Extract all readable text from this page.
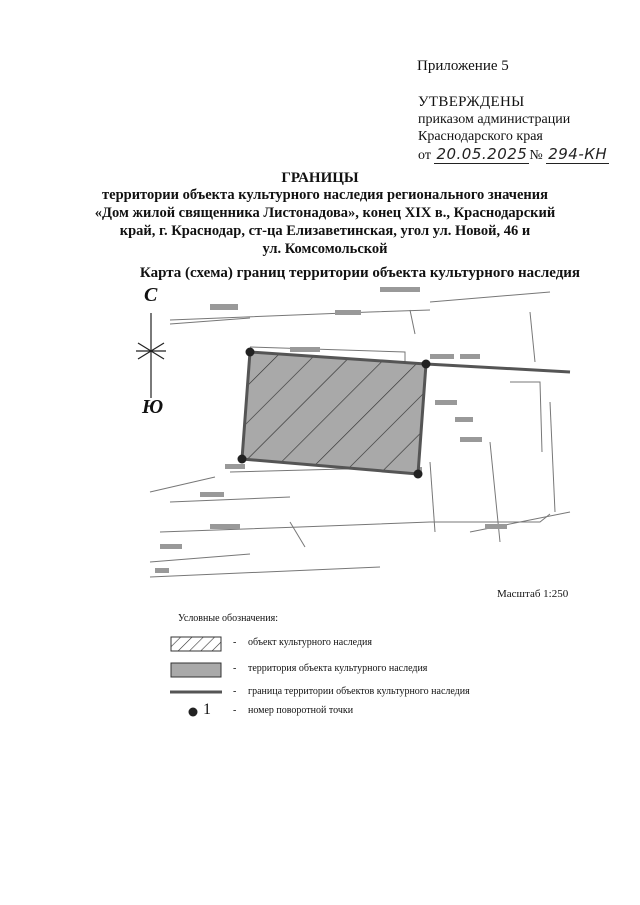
Приложение 5
УТВЕРЖДЕНЫ
приказом администрации
Краснодарского края
от 20.05.2025 № 294-КН
ГРАНИЦЫ
территории объекта культурного наследия регионального значения
«Дом жилой священника Листонадова», конец XIX в., Краснодарский
край, г. Краснодар, ст-ца Елизаветинская, угол ул. Новой, 46 и
ул. Комсомольской
Карта (схема) границ территории объекта культурного наследия
С
Ю
Масштаб 1:250
Условные обозначения:
- объект культурного наследия
- территория объекта культурного наследия
- граница территории объектов культурного наследия
1 - номер поворотной точки
